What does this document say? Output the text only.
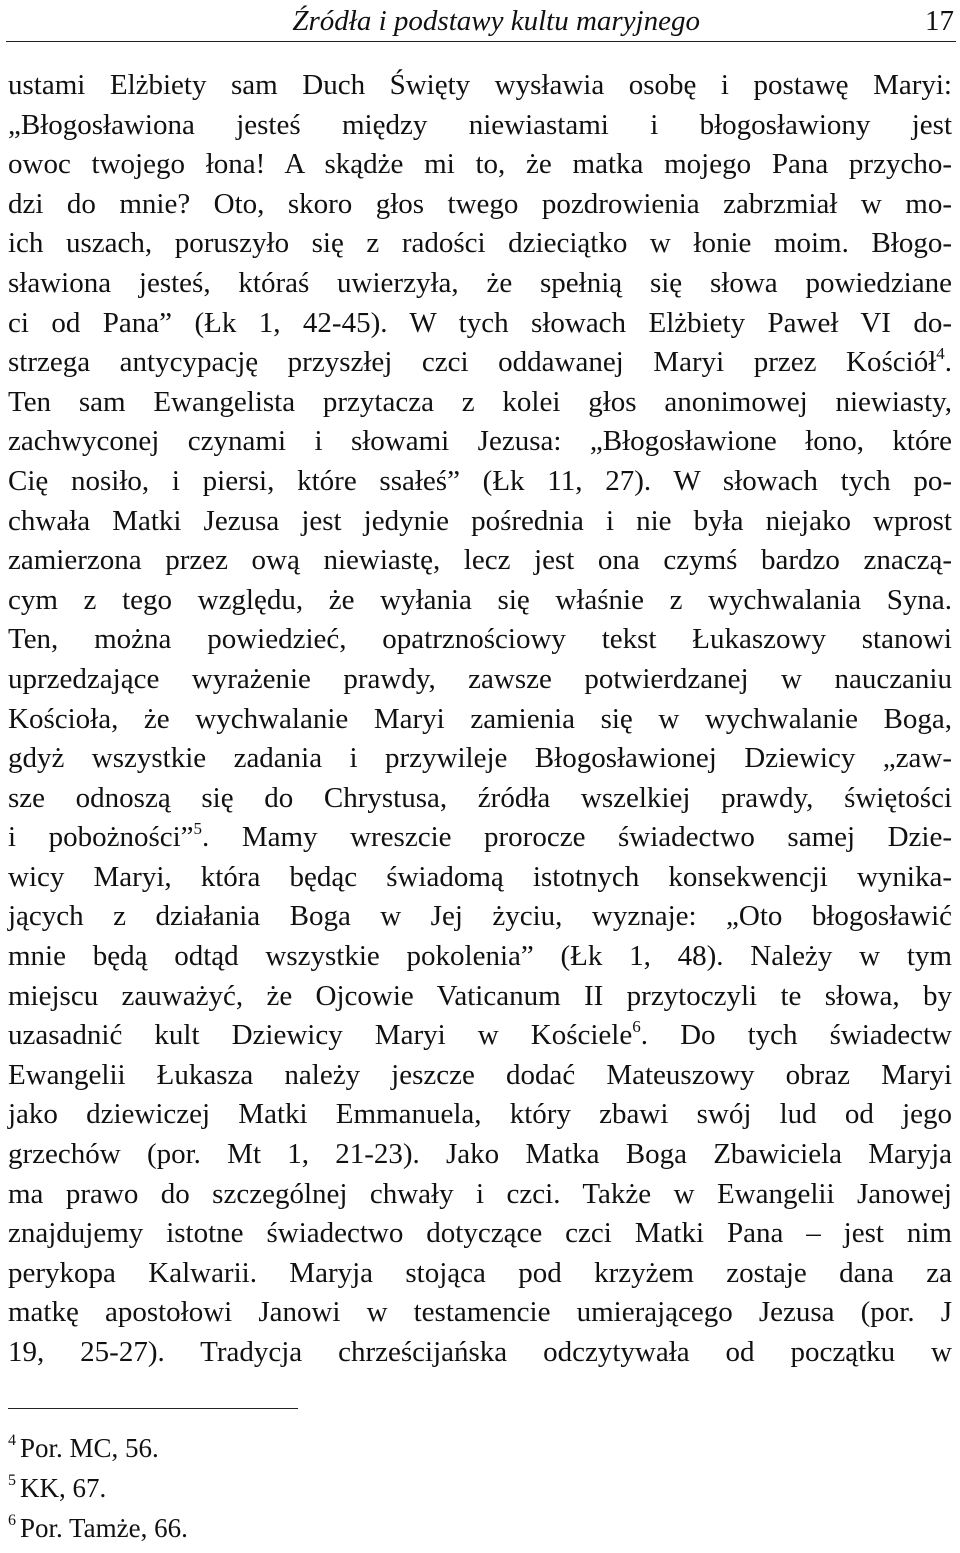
Źródła i podstawy kultu maryjnego	17
ustami Elżbiety sam Duch Święty wysławia osobę i postawę Maryi:
„Błogosławiona jesteś między niewiastami i błogosławiony jest
owoc twojego łona! A skądże mi to, że matka mojego Pana przycho-
dzi do mnie? Oto, skoro głos twego pozdrowienia zabrzmiał w mo-
ich uszach, poruszyło się z radości dzieciątko w łonie moim. Błogo-
sławiona jesteś, któraś uwierzyła, że spełnią się słowa powiedziane
ci od Pana” (Łk 1, 42-45). W tych słowach Elżbiety Paweł VI do-
strzega antycypację przyszłej czci oddawanej Maryi przez Kościół$^4$.
Ten sam Ewangelista przytacza z kolei głos anonimowej niewiasty,
zachwyconej czynami i słowami Jezusa: „Błogosławione łono, które
Cię nosiło, i piersi, które ssałeś” (Łk 11, 27). W słowach tych po-
chwała Matki Jezusa jest jedynie pośrednia i nie była niejako wprost
zamierzona przez ową niewiastę, lecz jest ona czymś bardzo znaczą-
cym z tego względu, że wyłania się właśnie z wychwalania Syna.
Ten, można powiedzieć, opatrznościowy tekst Łukaszowy stanowi
uprzedzające wyrażenie prawdy, zawsze potwierdzanej w nauczaniu
Kościoła, że wychwalanie Maryi zamienia się w wychwalanie Boga,
gdyż wszystkie zadania i przywileje Błogosławionej Dziewicy „zaw-
sze odnoszą się do Chrystusa, źródła wszelkiej prawdy, świętości
i pobożności”$^5$. Mamy wreszcie prorocze świadectwo samej Dzie-
wicy Maryi, która będąc świadomą istotnych konsekwencji wynika-
jących z działania Boga w Jej życiu, wyznaje: „Oto błogosławić
mnie będą odtąd wszystkie pokolenia” (Łk 1, 48). Należy w tym
miejscu zauważyć, że Ojcowie Vaticanum II przytoczyli te słowa, by
uzasadnić kult Dziewicy Maryi w Kościele$^6$. Do tych świadectw
Ewangelii Łukasza należy jeszcze dodać Mateuszowy obraz Maryi
jako dziewiczej Matki Emmanuela, który zbawi swój lud od jego
grzechów (por. Mt 1, 21-23). Jako Matka Boga Zbawiciela Maryja
ma prawo do szczególnej chwały i czci. Także w Ewangelii Janowej
znajdujemy istotne świadectwo dotyczące czci Matki Pana – jest nim
perykopa Kalwarii. Maryja stojąca pod krzyżem zostaje dana za
matkę apostołowi Janowi w testamencie umierającego Jezusa (por. J
19, 25-27). Tradycja chrześcijańska odczytywała od początku w
$^4$ Por. MC, 56.
$^5$ KK, 67.
$^6$ Por. Tamże, 66.
